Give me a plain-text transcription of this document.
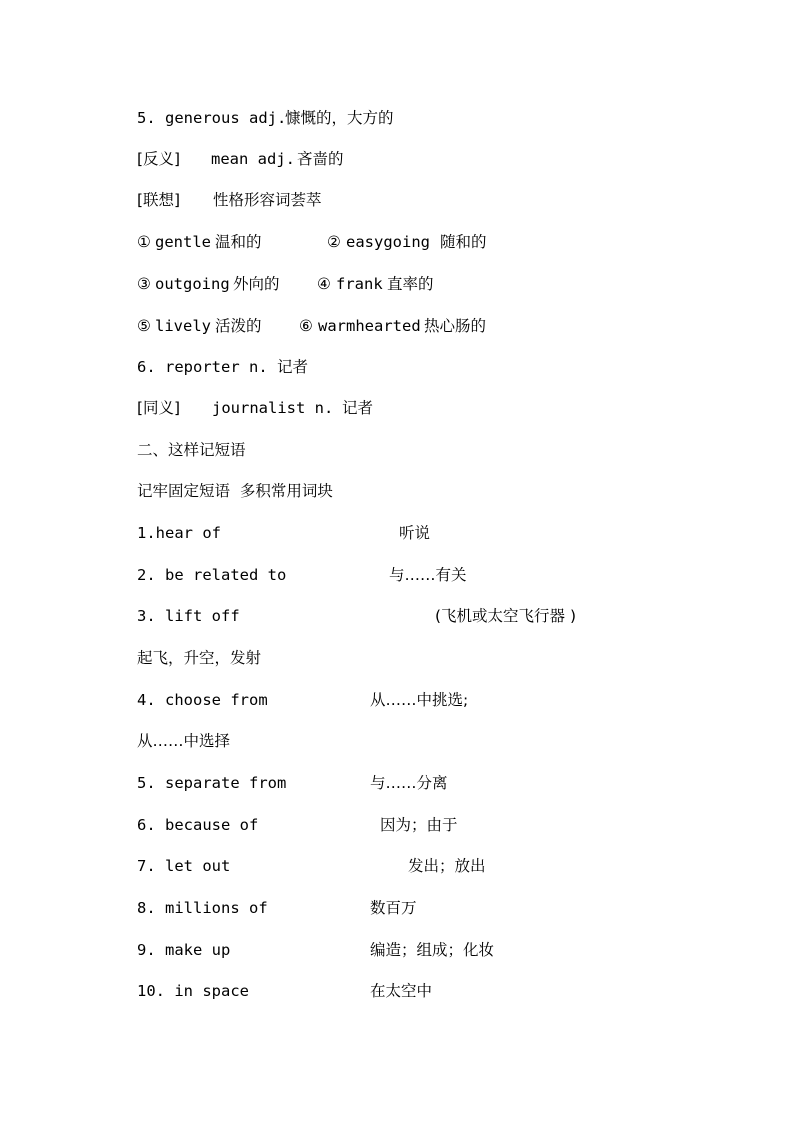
5. generous adj.

慷慨的，大方的

[反义]

mean adj.

吝啬的

[联想]

性格形容词荟萃

①

gentle

温和的

	②

easygoing

随和的

③

outgoing

外向的

④

frank

直率的

⑤

lively

活泼的

⑥

warmhearted

热心肠的

6. reporter n.

记者

[同义]

journalist n.

记者

二、这样记短语
记牢固定短语  多积常用词块

1.hear of

	听说

2. be related to

	与……有关

3. lift off

	(飞机或太空飞行器 )

起飞，升空，发射

4. choose from

	从……中挑选;

从……中选择

5. separate from

	与……分离

6. because of

	因为；由于

7. let out

	发出；放出

8. millions of

	数百万

9. make up

	编造；组成；化妆

10. in space

	在太空中
